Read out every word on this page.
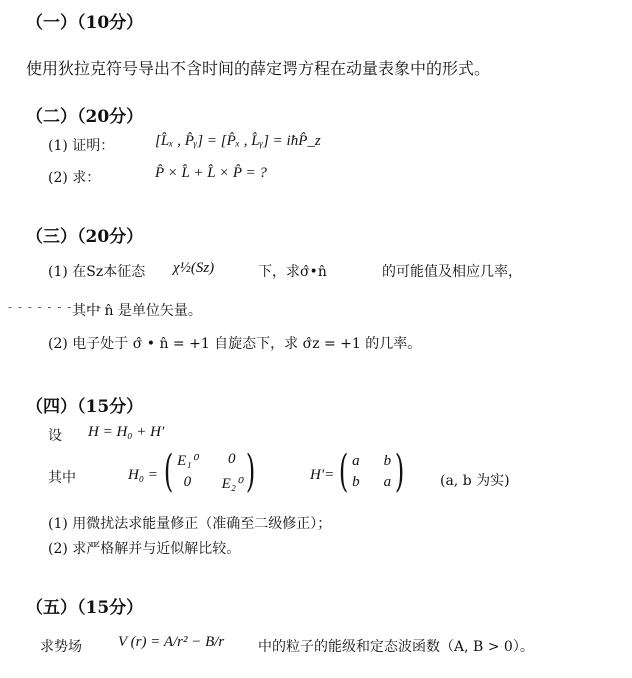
（一）（10分）
使用狄拉克符号导出不含时间的薛定谔方程在动量表象中的形式。
（二）（20分）
(1) 证明：	[L̂ₓ , P̂ᵧ] = [P̂ₓ , L̂ᵧ] = iħP̂_z
(2) 求：	P̂ × L̂ + L̂ × P̂ = ?
（三）（20分）
(1) 在Sz本征态 χ½(Sz)	下，求σ̂•n̂	的可能值及相应几率，
- - - - - - - - - -
其中 n̂ 是单位矢量。
(2) 电子处于 σ̂ • n̂ = +1 自旋态下，求 σ̂z = +1 的几率。
（四）（15分）
设 H = H₀ + H′
其中	H₀ = ( E₁⁰	0
0	E₂⁰ )	H′= ( a b
b a )	(a, b 为实)
(1) 用微扰法求能量修正（准确至二级修正）；
(2) 求严格解并与近似解比较。
（五）（15分）
求势场 V (r) = A/r² − B/r 中的粒子的能级和定态波函数（A, B > 0）。
